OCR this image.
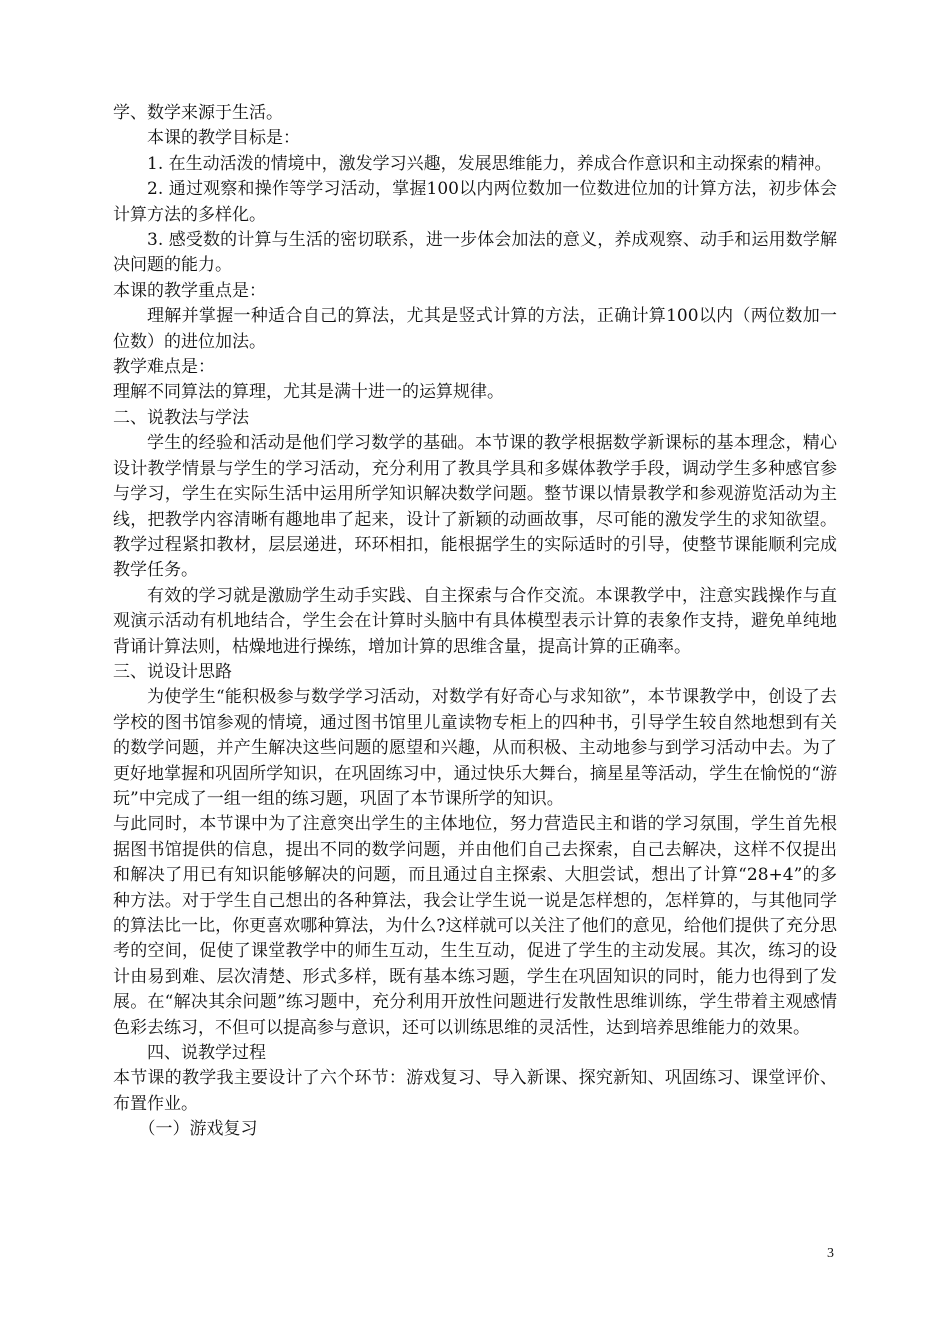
学、数学来源于生活。

本课的教学目标是：

1. 在生动活泼的情境中，激发学习兴趣，发展思维能力，养成合作意识和主动探索的精神。

2. 通过观察和操作等学习活动，掌握100以内两位数加一位数进位加的计算方法，初步体会计算方法的多样化。

3. 感受数的计算与生活的密切联系，进一步体会加法的意义，养成观察、动手和运用数学解决问题的能力。

本课的教学重点是：

理解并掌握一种适合自己的算法，尤其是竖式计算的方法，正确计算100以内（两位数加一位数）的进位加法。

教学难点是：

理解不同算法的算理，尤其是满十进一的运算规律。

二、说教法与学法

学生的经验和活动是他们学习数学的基础。本节课的教学根据数学新课标的基本理念，精心设计教学情景与学生的学习活动，充分利用了教具学具和多媒体教学手段，调动学生多种感官参与学习，学生在实际生活中运用所学知识解决数学问题。整节课以情景教学和参观游览活动为主线，把教学内容清晰有趣地串了起来，设计了新颖的动画故事，尽可能的激发学生的求知欲望。教学过程紧扣教材，层层递进，环环相扣，能根据学生的实际适时的引导，使整节课能顺利完成教学任务。

有效的学习就是激励学生动手实践、自主探索与合作交流。本课教学中，注意实践操作与直观演示活动有机地结合，学生会在计算时头脑中有具体模型表示计算的表象作支持，避免单纯地背诵计算法则，枯燥地进行操练，增加计算的思维含量，提高计算的正确率。

三、说设计思路

为使学生“能积极参与数学学习活动，对数学有好奇心与求知欲”，本节课教学中，创设了去学校的图书馆参观的情境，通过图书馆里儿童读物专柜上的四种书，引导学生较自然地想到有关的数学问题，并产生解决这些问题的愿望和兴趣，从而积极、主动地参与到学习活动中去。为了更好地掌握和巩固所学知识，在巩固练习中，通过快乐大舞台，摘星星等活动，学生在愉悦的“游玩”中完成了一组一组的练习题，巩固了本节课所学的知识。

与此同时，本节课中为了注意突出学生的主体地位，努力营造民主和谐的学习氛围，学生首先根据图书馆提供的信息，提出不同的数学问题，并由他们自己去探索，自己去解决，这样不仅提出和解决了用已有知识能够解决的问题，而且通过自主探索、大胆尝试，想出了计算“28+4”的多种方法。对于学生自己想出的各种算法，我会让学生说一说是怎样想的，怎样算的，与其他同学的算法比一比，你更喜欢哪种算法，为什么?这样就可以关注了他们的意见，给他们提供了充分思考的空间，促使了课堂教学中的师生互动，生生互动，促进了学生的主动发展。其次，练习的设计由易到难、层次清楚、形式多样，既有基本练习题，学生在巩固知识的同时，能力也得到了发展。在“解决其余问题”练习题中，充分利用开放性问题进行发散性思维训练，学生带着主观感情色彩去练习，不但可以提高参与意识，还可以训练思维的灵活性，达到培养思维能力的效果。

四、说教学过程

本节课的教学我主要设计了六个环节：游戏复习、导入新课、探究新知、巩固练习、课堂评价、布置作业。

（一）游戏复习

3
